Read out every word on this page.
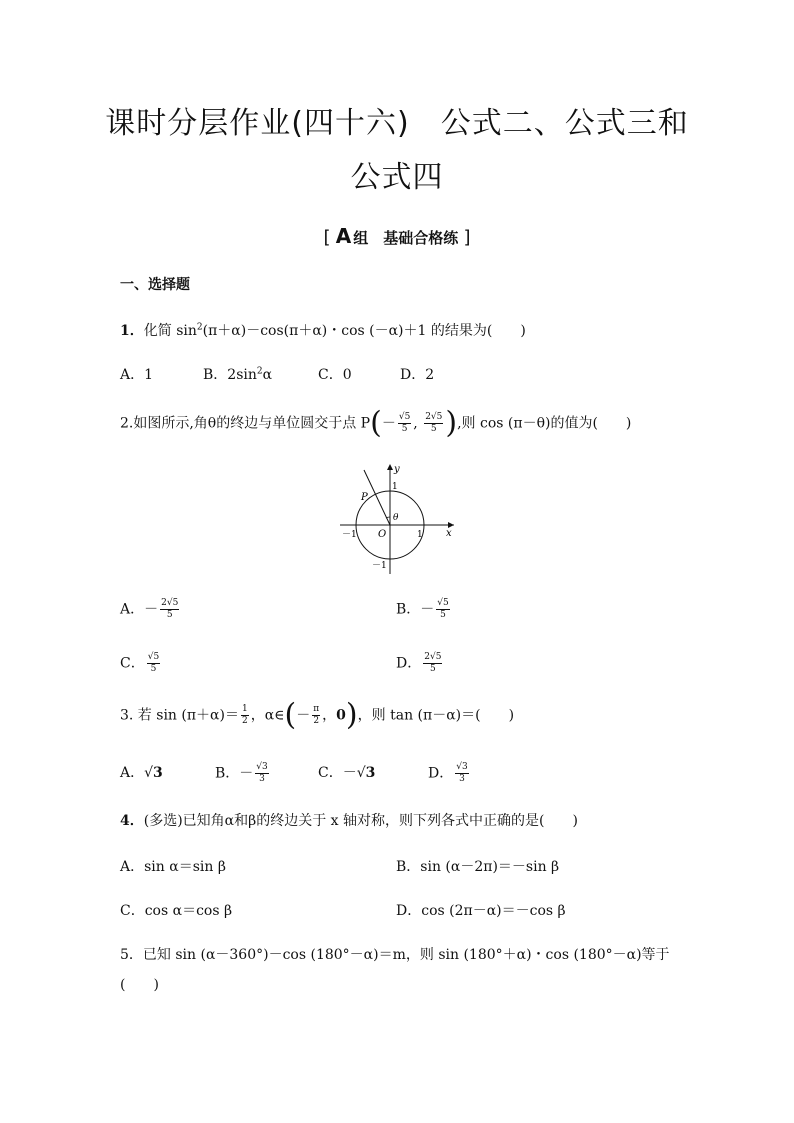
课时分层作业(四十六)　公式二、公式三和
公式四
[ A 组　基础合格练 ]
一、选择题
1．化简 $\sin^2(\pi+\alpha)-\cos(\pi+\alpha)$・cos (－α)＋1 的结果为(　　)
A．1	B．$2\sin^2\alpha$	C．0	D．2
2.如图所示,角θ的终边与单位圆交于点 $P(- \frac{√5}{5}$ , $\frac{2√5}{5}$ ),则 cos (π－θ)的值为(　　)
y
x
O
P
θ
1
1
－1
－1
A．－ $\frac{2√5}{5}$	B．－ $\frac{√5}{5}$
C． $\frac{√5}{5}$	D． $\frac{2√5}{5}$
3. 若 $\sin (\pi+\alpha)= \frac{1}{2}$ ，α∈(－ $\frac{\pi}{2}$ ，0)，则 tan (π－α)＝(　　)
A．√3	B．－ $\frac{√3}{3}$	C．－√3	D． $\frac{√3}{3}$
4．(多选)已知角α和β的终边关于 x 轴对称，则下列各式中正确的是(　　)
A．sin α＝sin β	B．sin (α－2π)＝－sin β
C．cos α＝cos β	D．cos (2π－α)＝－cos β
5．已知 sin (α－360°)－cos (180°－α)＝m，则 sin (180°＋α)・cos (180°－α)等于
(　　)
